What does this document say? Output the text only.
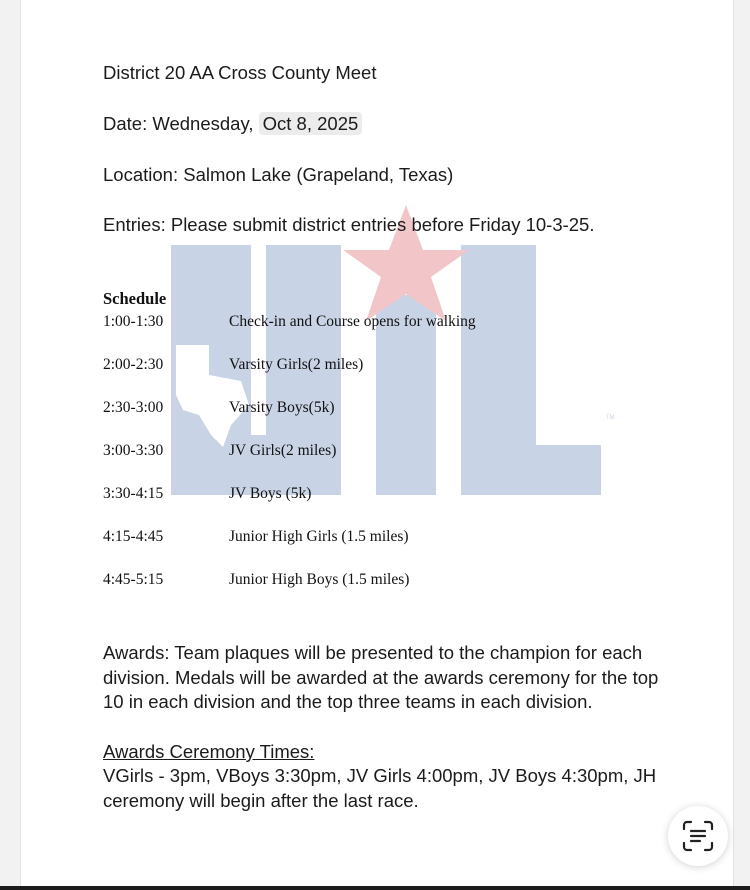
TM
District 20 AA Cross County Meet
Date: Wednesday, Oct 8, 2025
Location: Salmon Lake (Grapeland, Texas)
Entries: Please submit district entries before Friday 10-3-25.
Schedule
1:00-1:30	Check-in and Course opens for walking
2:00-2:30	Varsity Girls(2 miles)
2:30-3:00	Varsity Boys(5k)
3:00-3:30	JV Girls(2 miles)
3:30-4:15	JV Boys (5k)
4:15-4:45	Junior High Girls (1.5 miles)
4:45-5:15	Junior High Boys (1.5 miles)
Awards: Team plaques will be presented to the champion for each division. Medals will be awarded at the awards ceremony for the top 10 in each division and the top three teams in each division.
Awards Ceremony Times:
VGirls - 3pm, VBoys 3:30pm, JV Girls 4:00pm, JV Boys 4:30pm, JH ceremony will begin after the last race.
